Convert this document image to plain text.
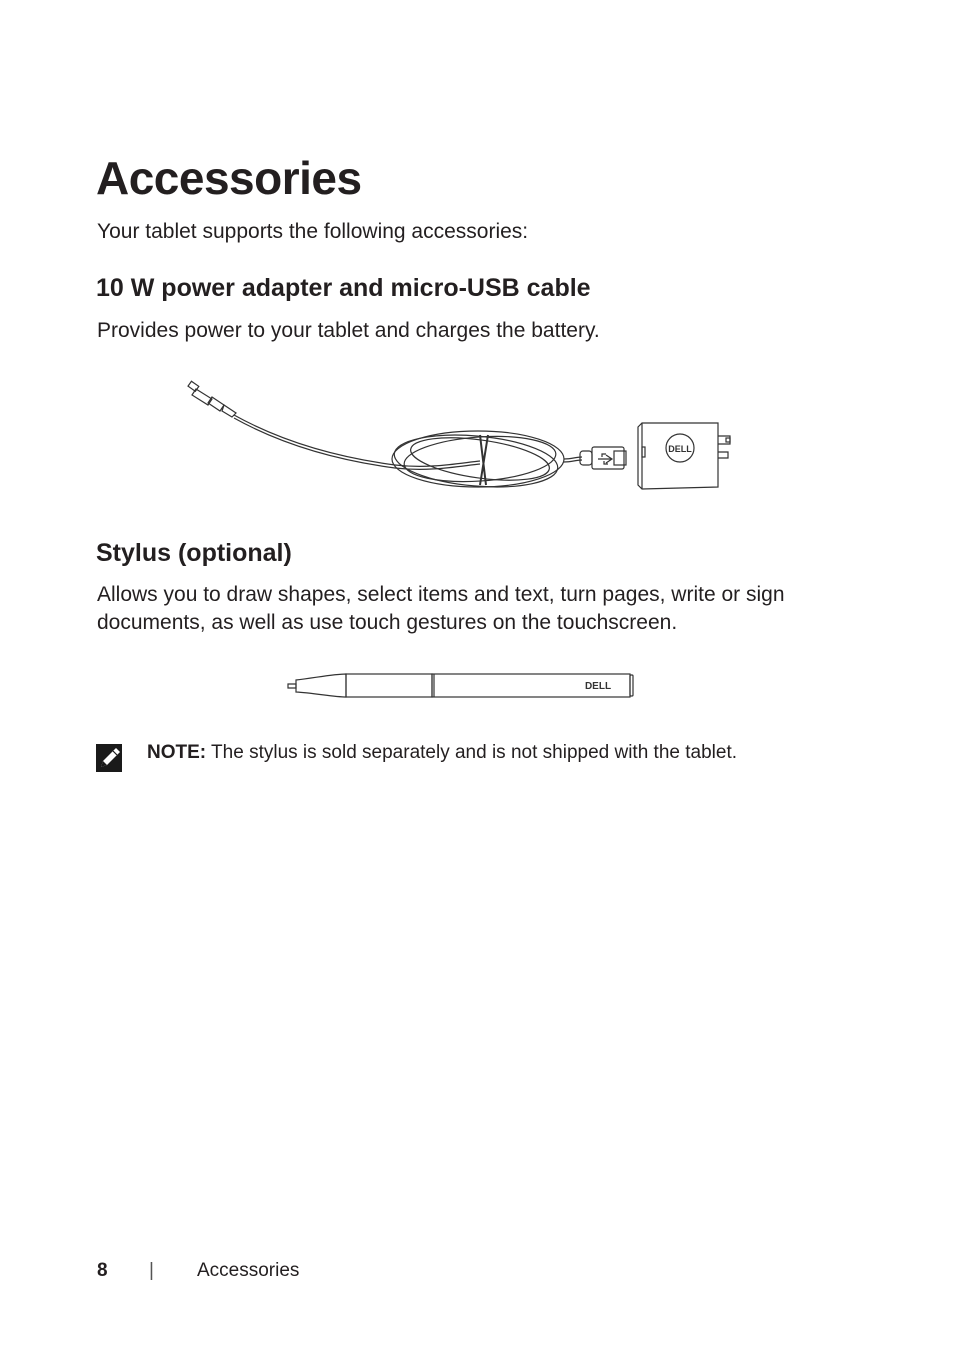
Accessories
Your tablet supports the following accessories:
10 W power adapter and micro-USB cable
Provides power to your tablet and charges the battery.
DELL
Stylus (optional)
Allows you to draw shapes, select items and text, turn pages, write or sign documents, as well as use touch gestures on the touchscreen.
DELL
NOTE: The stylus is sold separately and is not shipped with the tablet.
8 | Accessories
